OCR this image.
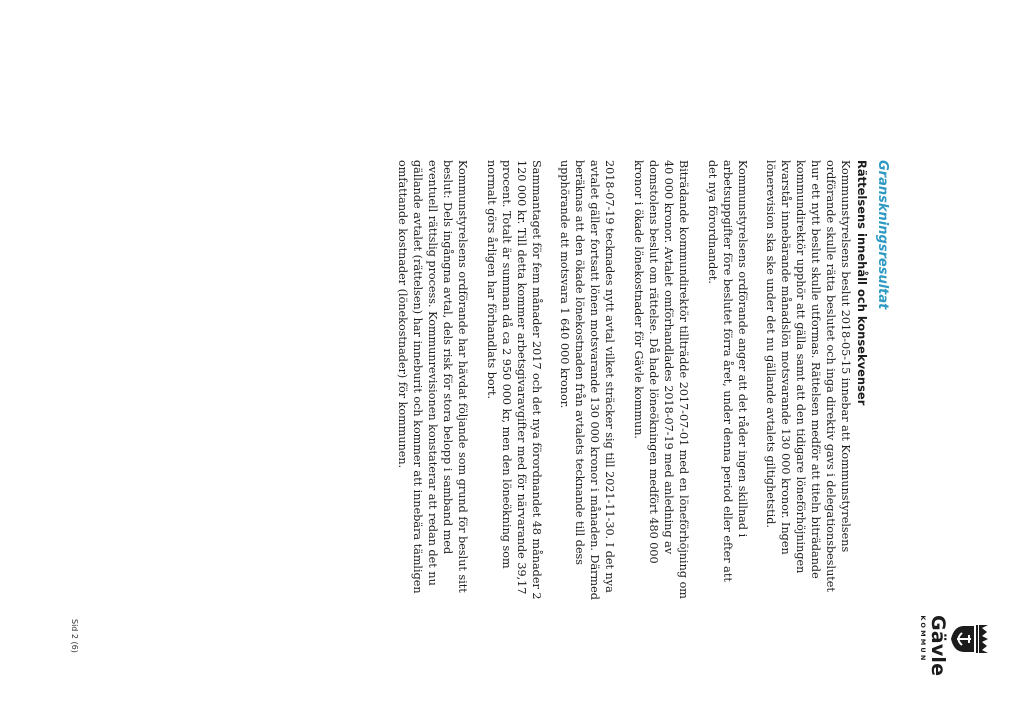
Gävle
KOMMUN
Granskningsresultat
Rättelsens innehåll och konsekvenser

Kommunstyrelsens beslut 2018-05-15 innebar att Kommunstyrelsens ordförande skulle rätta beslutet och inga direktiv gavs i delegationsbeslutet hur ett nytt beslut skulle utformas. Rättelsen medför att titeln biträdande kommundirektör upphör att gälla samt att den tidigare löneförhöjningen kvarstår innebärande månadslön motsvarande 130 000 kronor. Ingen lönerevision ska ske under det nu gällande avtalets giltighetstid.

Kommunstyrelsens ordförande anger att det råder ingen skillnad i arbetsuppgifter före beslutet förra året, under denna period eller efter att det nya förordnandet.

Biträdande kommundirektör tillträdde 2017-07-01 med en löneförhöjning om 40 000 kronor. Avtalet omförhandlades 2018-07-19 med anledning av domstolens beslut om rättelse. Då hade löneökningen medfört 480 000 kronor i ökade lönekostnader för Gävle kommun.

2018-07-19 tecknades nytt avtal vilket sträcker sig till 2021-11-30. I det nya avtalet gäller fortsatt lönen motsvarande 130 000 kronor i månaden. Därmed beräknas att den ökade lönekostnaden från avtalets tecknande till dess upphörande att motsvara 1 640 000 kronor.

Sammantaget för fem månader 2017 och det nya förordnandet 48 månader 2 120 000 kr. Till detta kommer arbetsgivaravgifter med för närvarande 39,17 procent. Totalt är summan då ca 2 950 000 kr, men den löneökning som normalt görs årligen har förhandlats bort.

Kommunstyrelsens ordförande har hävdat följande som grund för beslut sitt beslut: Dels ingångna avtal, dels risk för stora belopp i samband med eventuell rättslig process. Kommunrevisionen konstaterar att redan det nu gällande avtalet (rättelsen) har inneburit och kommer att innebära tämligen omfattande kostnader (lönekostnader) för kommunen.

Sid 2 (6)
